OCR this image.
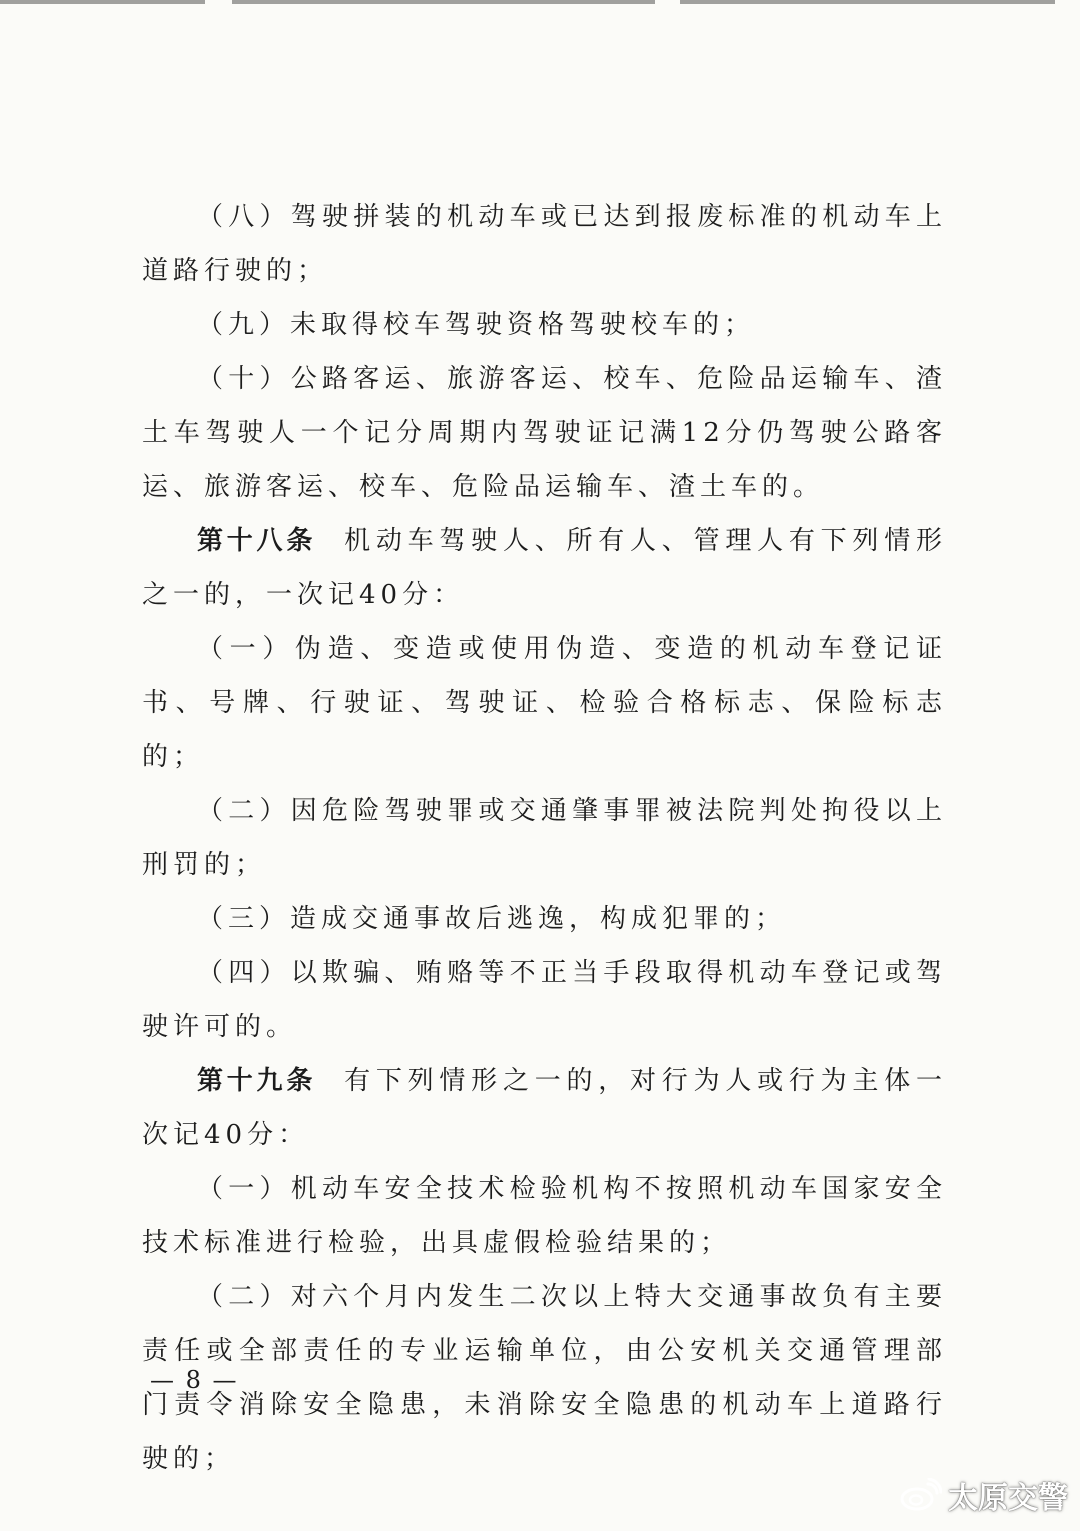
（八）驾驶拼装的机动车或已达到报废标准的机动车上道路行驶的；

（九）未取得校车驾驶资格驾驶校车的；

（十）公路客运、旅游客运、校车、危险品运输车、渣土车驾驶人一个记分周期内驾驶证记满12分仍驾驶公路客运、旅游客运、校车、危险品运输车、渣土车的。

第十八条 机动车驾驶人、所有人、管理人有下列情形之一的，一次记40分：

（一）伪造、变造或使用伪造、变造的机动车登记证书、号牌、行驶证、驾驶证、检验合格标志、保险标志的；

（二）因危险驾驶罪或交通肇事罪被法院判处拘役以上刑罚的；

（三）造成交通事故后逃逸，构成犯罪的；

（四）以欺骗、贿赂等不正当手段取得机动车登记或驾驶许可的。

第十九条 有下列情形之一的，对行为人或行为主体一次记40分：

（一）机动车安全技术检验机构不按照机动车国家安全技术标准进行检验，出具虚假检验结果的；

（二）对六个月内发生二次以上特大交通事故负有主要责任或全部责任的专业运输单位，由公安机关交通管理部门责令消除安全隐患，未消除安全隐患的机动车上道路行驶的；

— 8 —
太原交警
